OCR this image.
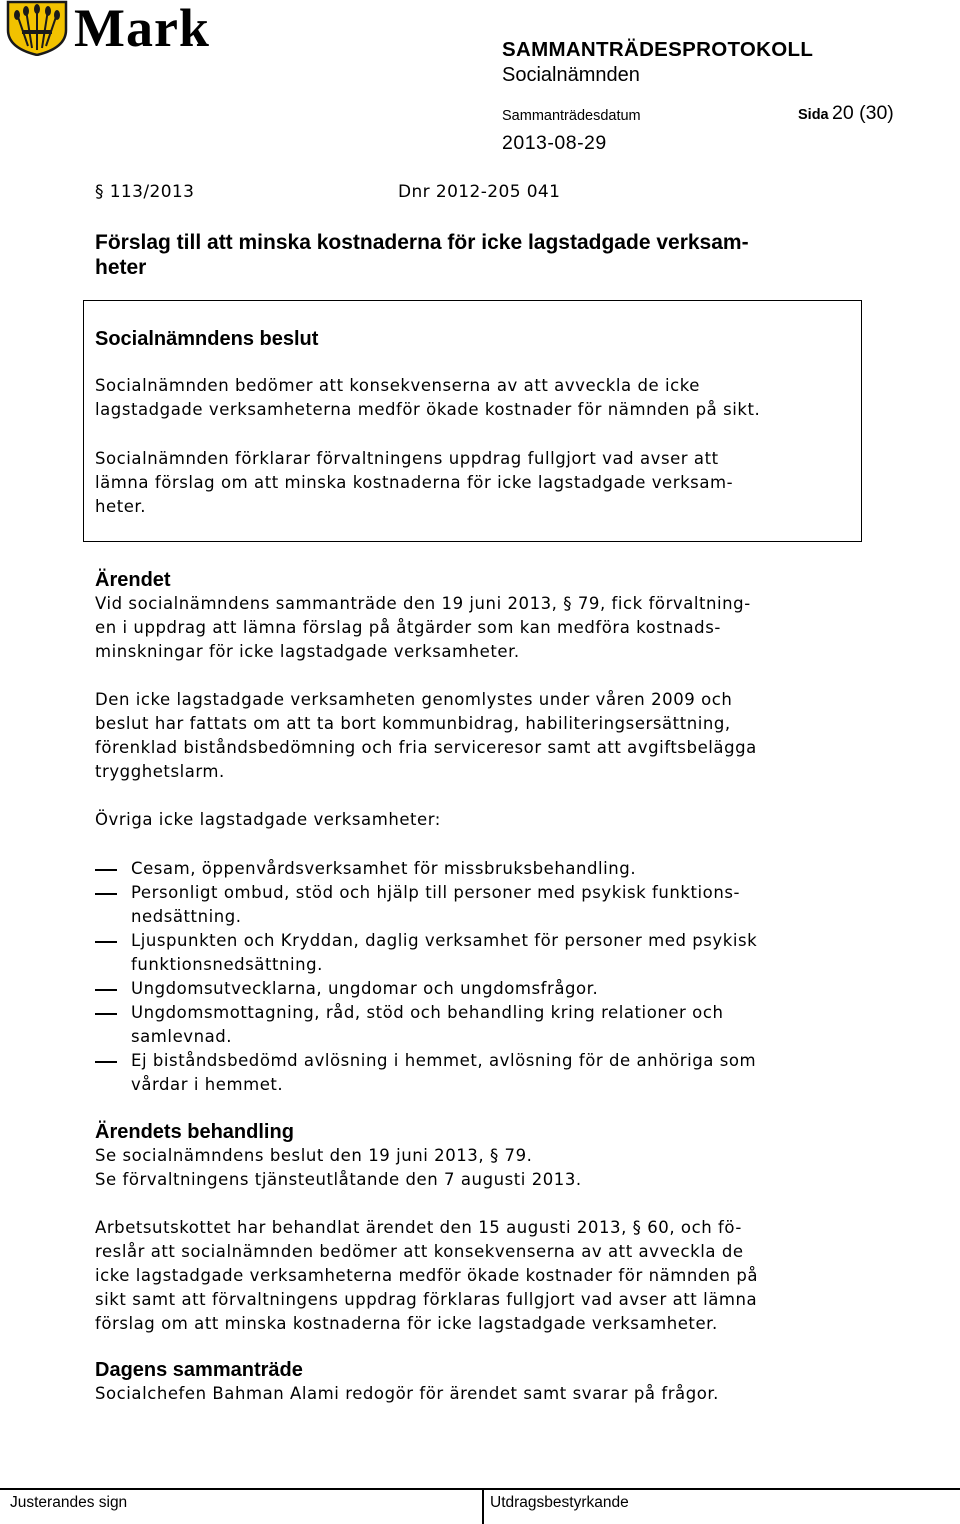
Mark	SAMMANTRÄDESPROTOKOLL
Socialnämnden
Sammanträdesdatum	Sida 20 (30)
2013-08-29
§ 113/2013	Dnr 2012-205 041
Förslag till att minska kostnaderna för icke lagstadgade verksam-
heter
Socialnämndens beslut
Socialnämnden bedömer att konsekvenserna av att avveckla de icke
lagstadgade verksamheterna medför ökade kostnader för nämnden på sikt.
Socialnämnden förklarar förvaltningens uppdrag fullgjort vad avser att
lämna förslag om att minska kostnaderna för icke lagstadgade verksam-
heter.
Ärendet
Vid socialnämndens sammanträde den 19 juni 2013, § 79, fick förvaltning-
en i uppdrag att lämna förslag på åtgärder som kan medföra kostnads-
minskningar för icke lagstadgade verksamheter.
Den icke lagstadgade verksamheten genomlystes under våren 2009 och
beslut har fattats om att ta bort kommunbidrag, habiliteringsersättning,
förenklad biståndsbedömning och fria serviceresor samt att avgiftsbelägga
trygghetslarm.
Övriga icke lagstadgade verksamheter:
Cesam, öppenvårdsverksamhet för missbruksbehandling.
Personligt ombud, stöd och hjälp till personer med psykisk funktions-
nedsättning.
Ljuspunkten och Kryddan, daglig verksamhet för personer med psykisk
funktionsnedsättning.
Ungdomsutvecklarna, ungdomar och ungdomsfrågor.
Ungdomsmottagning, råd, stöd och behandling kring relationer och
samlevnad.
Ej biståndsbedömd avlösning i hemmet, avlösning för de anhöriga som
vårdar i hemmet.
Ärendets behandling
Se socialnämndens beslut den 19 juni 2013, § 79.
Se förvaltningens tjänsteutlåtande den 7 augusti 2013.
Arbetsutskottet har behandlat ärendet den 15 augusti 2013, § 60, och fö-
reslår att socialnämnden bedömer att konsekvenserna av att avveckla de
icke lagstadgade verksamheterna medför ökade kostnader för nämnden på
sikt samt att förvaltningens uppdrag förklaras fullgjort vad avser att lämna
förslag om att minska kostnaderna för icke lagstadgade verksamheter.
Dagens sammanträde
Socialchefen Bahman Alami redogör för ärendet samt svarar på frågor.
Justerandes sign	Utdragsbestyrkande
